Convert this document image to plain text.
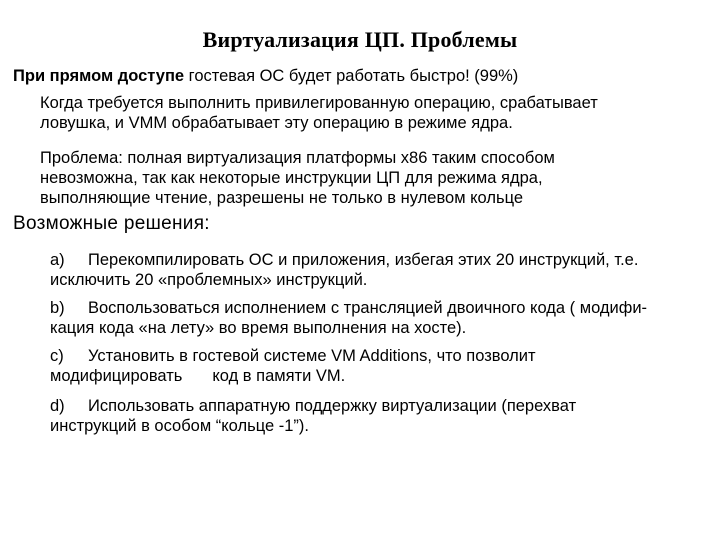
Виртуализация ЦП. Проблемы
При прямом доступе гостевая ОС будет работать быстро! (99%)
Когда требуется выполнить привилегированную операцию, срабатывает
ловушка, и VMM обрабатывает эту операцию в режиме ядра.
Проблема: полная виртуализация платформы x86 таким способом
невозможна, так как некоторые инструкции ЦП для режима ядра,
выполняющие чтение, разрешены не только в нулевом кольце
Возможные решения:
a) Перекомпилировать ОС и приложения, избегая этих 20 инструкций, т.е.
исключить 20 «проблемных» инструкций.
b) Воспользоваться исполнением с трансляцией двоичного кода ( модифи-
кация кода «на лету» во время выполнения на хосте).
c) Установить в гостевой системе VM Additions, что позволит
модифицировать код в памяти VM.
d) Использовать аппаратную поддержку виртуализации (перехват
инструкций в особом “кольце -1”).
